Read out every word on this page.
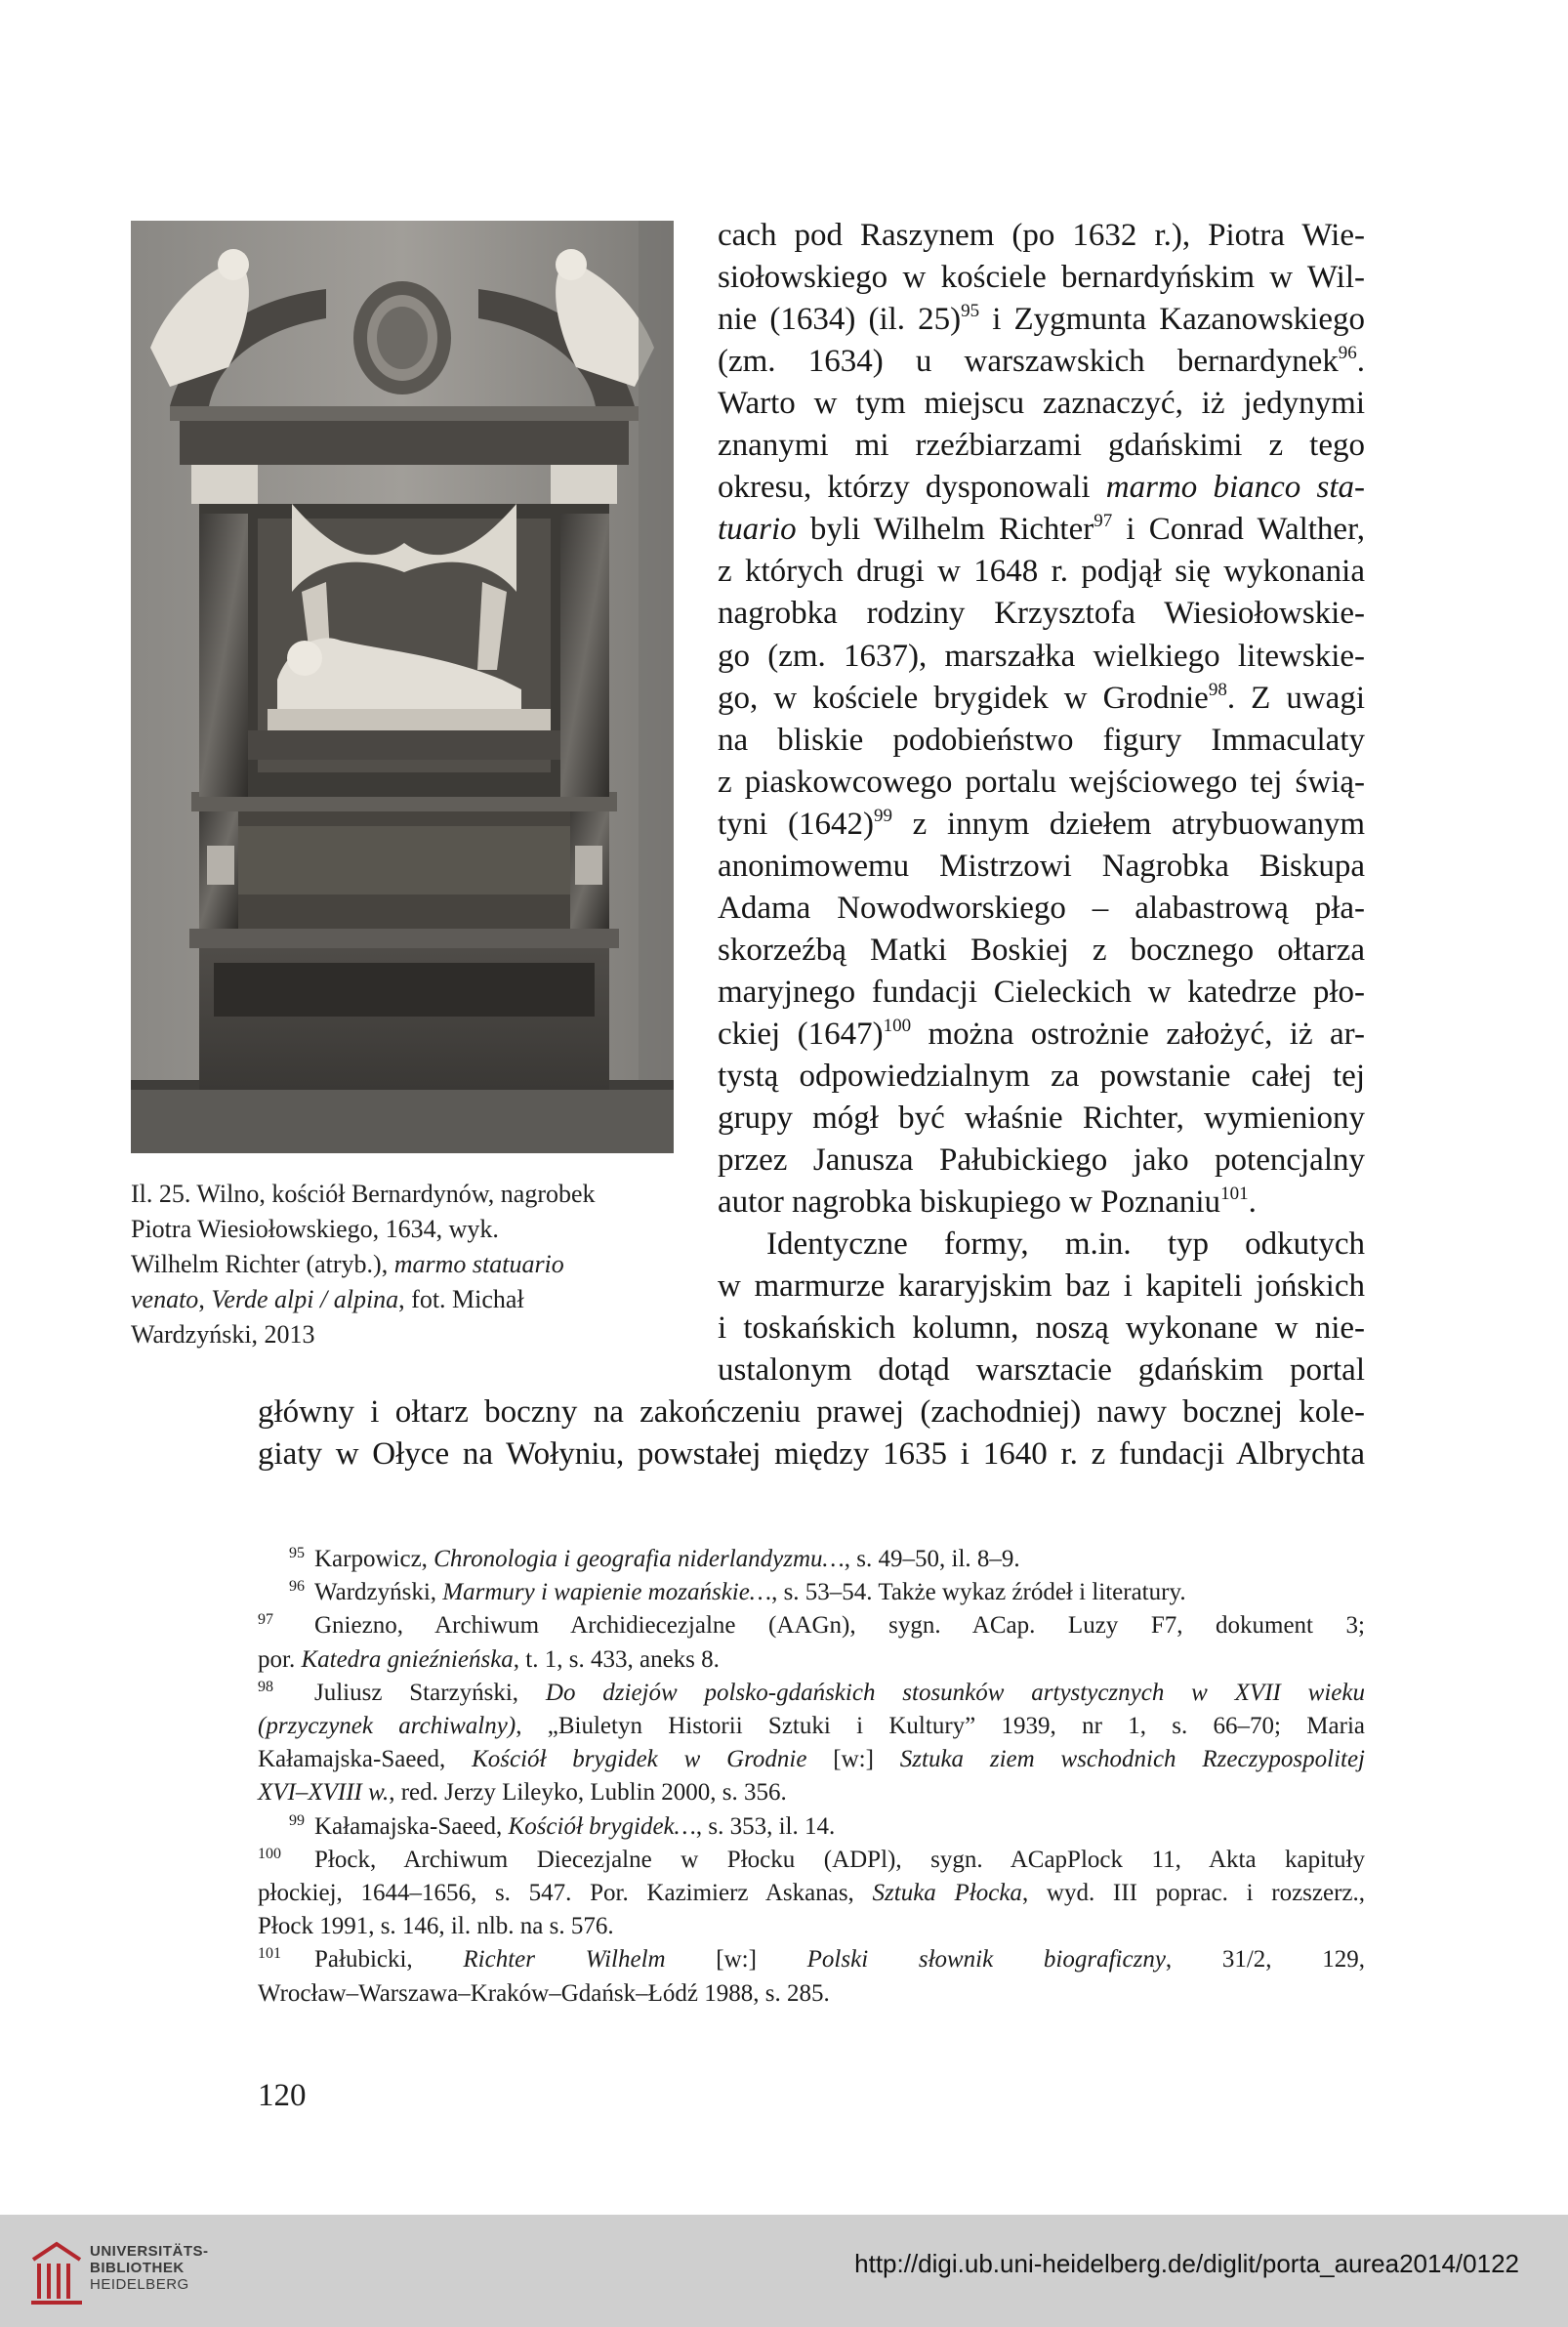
Il. 25. Wilno, kościół Bernardynów, nagrobek
Piotra Wiesiołowskiego, 1634, wyk.
Wilhelm Richter (atryb.), marmo statuario
venato, Verde alpi / alpina, fot. Michał
Wardzyński, 2013
cach pod Raszynem (po 1632 r.), Piotra Wie-
siołowskiego w kościele bernardyńskim w Wil-
nie (1634) (il. 25)$^{95}$ i Zygmunta Kazanowskiego
(zm. 1634) u warszawskich bernardynek$^{96}$.
Warto w tym miejscu zaznaczyć, iż jedynymi
znanymi mi rzeźbiarzami gdańskimi z tego
okresu, którzy dysponowali marmo bianco sta-
tuario byli Wilhelm Richter$^{97}$ i Conrad Walther,
z których drugi w 1648 r. podjął się wykonania
nagrobka rodziny Krzysztofa Wiesiołowskie-
go (zm. 1637), marszałka wielkiego litewskie-
go, w kościele brygidek w Grodnie$^{98}$. Z uwagi
na bliskie podobieństwo figury Immaculaty
z piaskowcowego portalu wejściowego tej świą-
tyni $(1642)^{99}$ z innym dziełem atrybuowanym
anonimowemu Mistrzowi Nagrobka Biskupa
Adama Nowodworskiego – alabastrową pła-
skorzeźbą Matki Boskiej z bocznego ołtarza
maryjnego fundacji Cieleckich w katedrze pło-
ckiej $(1647)^{100}$ można ostrożnie założyć, iż ar-
tystą odpowiedzialnym za powstanie całej tej
grupy mógł być właśnie Richter, wymieniony
przez Janusza Pałubickiego jako potencjalny
autor nagrobka biskupiego w Poznaniu$^{101}$.
Identyczne formy, m.in. typ odkutych
w marmurze kararyjskim baz i kapiteli jońskich
i toskańskich kolumn, noszą wykonane w nie-
ustalonym dotąd warsztacie gdańskim portal
główny i ołtarz boczny na zakończeniu prawej (zachodniej) nawy bocznej kole-
giaty w Ołyce na Wołyniu, powstałej między 1635 i 1640 r. z fundacji Albrychta
95 Karpowicz, Chronologia i geografia niderlandyzmu…, s. 49–50, il. 8–9.
96 Wardzyński, Marmury i wapienie mozańskie…, s. 53–54. Także wykaz źródeł i literatury.
97 Gniezno, Archiwum Archidiecezjalne (AAGn), sygn. ACap. Luzy F7, dokument 3;
por. Katedra gnieźnieńska, t. 1, s. 433, aneks 8.
98 Juliusz Starzyński, Do dziejów polsko-gdańskich stosunków artystycznych w XVII wieku
(przyczynek archiwalny), „Biuletyn Historii Sztuki i Kultury” 1939, nr 1, s. 66–70; Maria
Kałamajska-Saeed, Kościół brygidek w Grodnie [w:] Sztuka ziem wschodnich Rzeczypospolitej
XVI–XVIII w., red. Jerzy Lileyko, Lublin 2000, s. 356.
99 Kałamajska-Saeed, Kościół brygidek…, s. 353, il. 14.
100 Płock, Archiwum Diecezjalne w Płocku (ADPl), sygn. ACapPlock 11, Akta kapituły
płockiej, 1644–1656, s. 547. Por. Kazimierz Askanas, Sztuka Płocka, wyd. III poprac. i rozszerz.,
Płock 1991, s. 146, il. nlb. na s. 576.
101 Pałubicki, Richter Wilhelm [w:] Polski słownik biograficzny, 31/2, 129,
Wrocław–Warszawa–Kraków–Gdańsk–Łódź 1988, s. 285.
120
UNIVERSITÄTS-
BIBLIOTHEK
HEIDELBERG
http://digi.ub.uni-heidelberg.de/diglit/porta_aurea2014/0122
